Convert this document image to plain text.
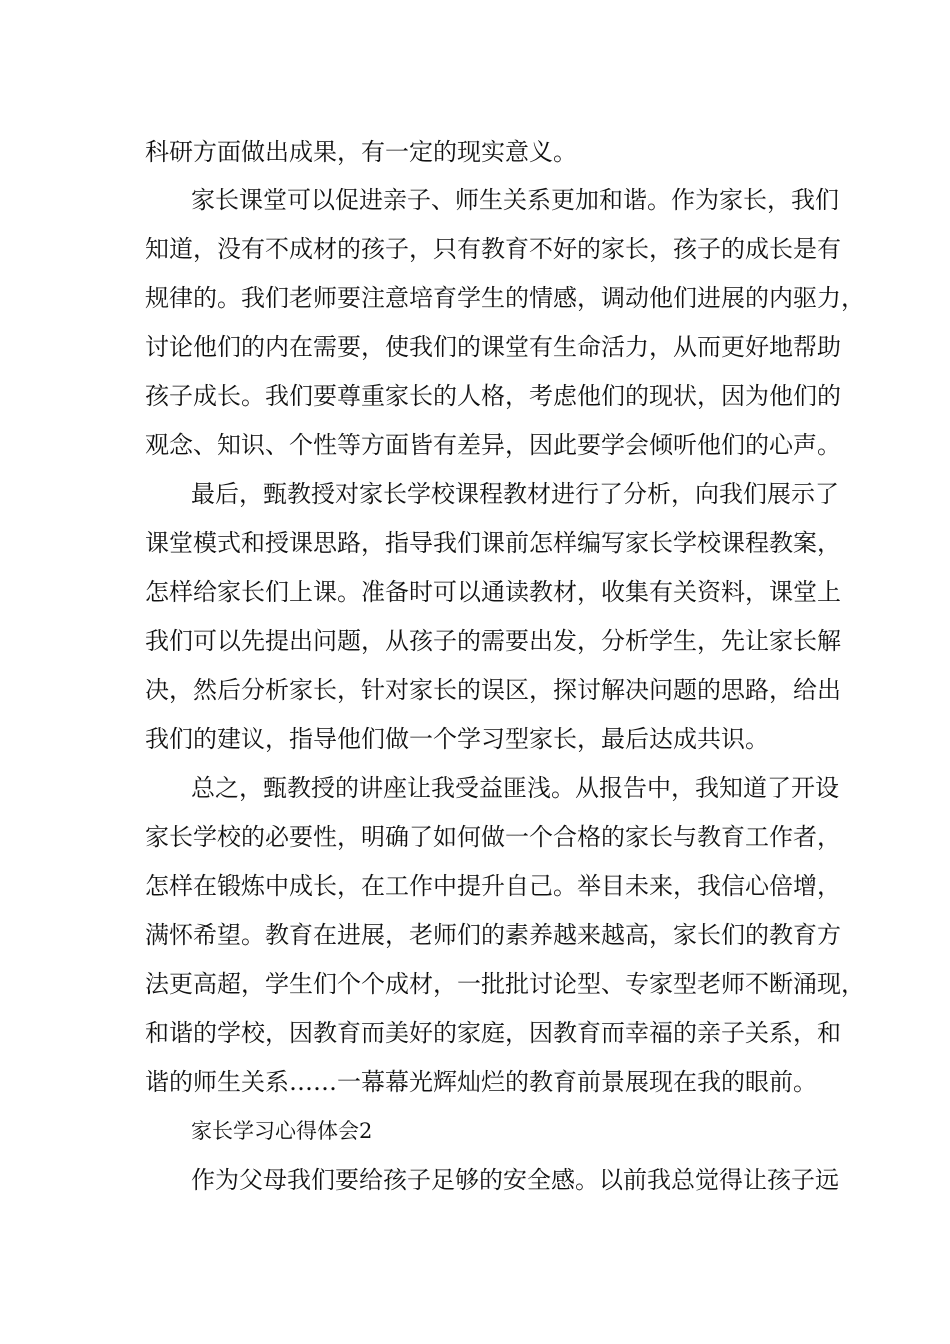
科研方面做出成果，有一定的现实意义。
家长课堂可以促进亲子、师生关系更加和谐。作为家长，我们
知道，没有不成材的孩子，只有教育不好的家长，孩子的成长是有
规律的。我们老师要注意培育学生的情感，调动他们进展的内驱力，
讨论他们的内在需要，使我们的课堂有生命活力，从而更好地帮助
孩子成长。我们要尊重家长的人格，考虑他们的现状，因为他们的
观念、知识、个性等方面皆有差异，因此要学会倾听他们的心声。
最后，甄教授对家长学校课程教材进行了分析，向我们展示了
课堂模式和授课思路，指导我们课前怎样编写家长学校课程教案，
怎样给家长们上课。准备时可以通读教材，收集有关资料，课堂上
我们可以先提出问题，从孩子的需要出发，分析学生，先让家长解
决，然后分析家长，针对家长的误区，探讨解决问题的思路，给出
我们的建议，指导他们做一个学习型家长，最后达成共识。
总之，甄教授的讲座让我受益匪浅。从报告中，我知道了开设
家长学校的必要性，明确了如何做一个合格的家长与教育工作者，
怎样在锻炼中成长，在工作中提升自己。举目未来，我信心倍增，
满怀希望。教育在进展，老师们的素养越来越高，家长们的教育方
法更高超，学生们个个成材，一批批讨论型、专家型老师不断涌现，
和谐的学校，因教育而美好的家庭，因教育而幸福的亲子关系，和
谐的师生关系……一幕幕光辉灿烂的教育前景展现在我的眼前。
家长学习心得体会2
作为父母我们要给孩子足够的安全感。以前我总觉得让孩子远
